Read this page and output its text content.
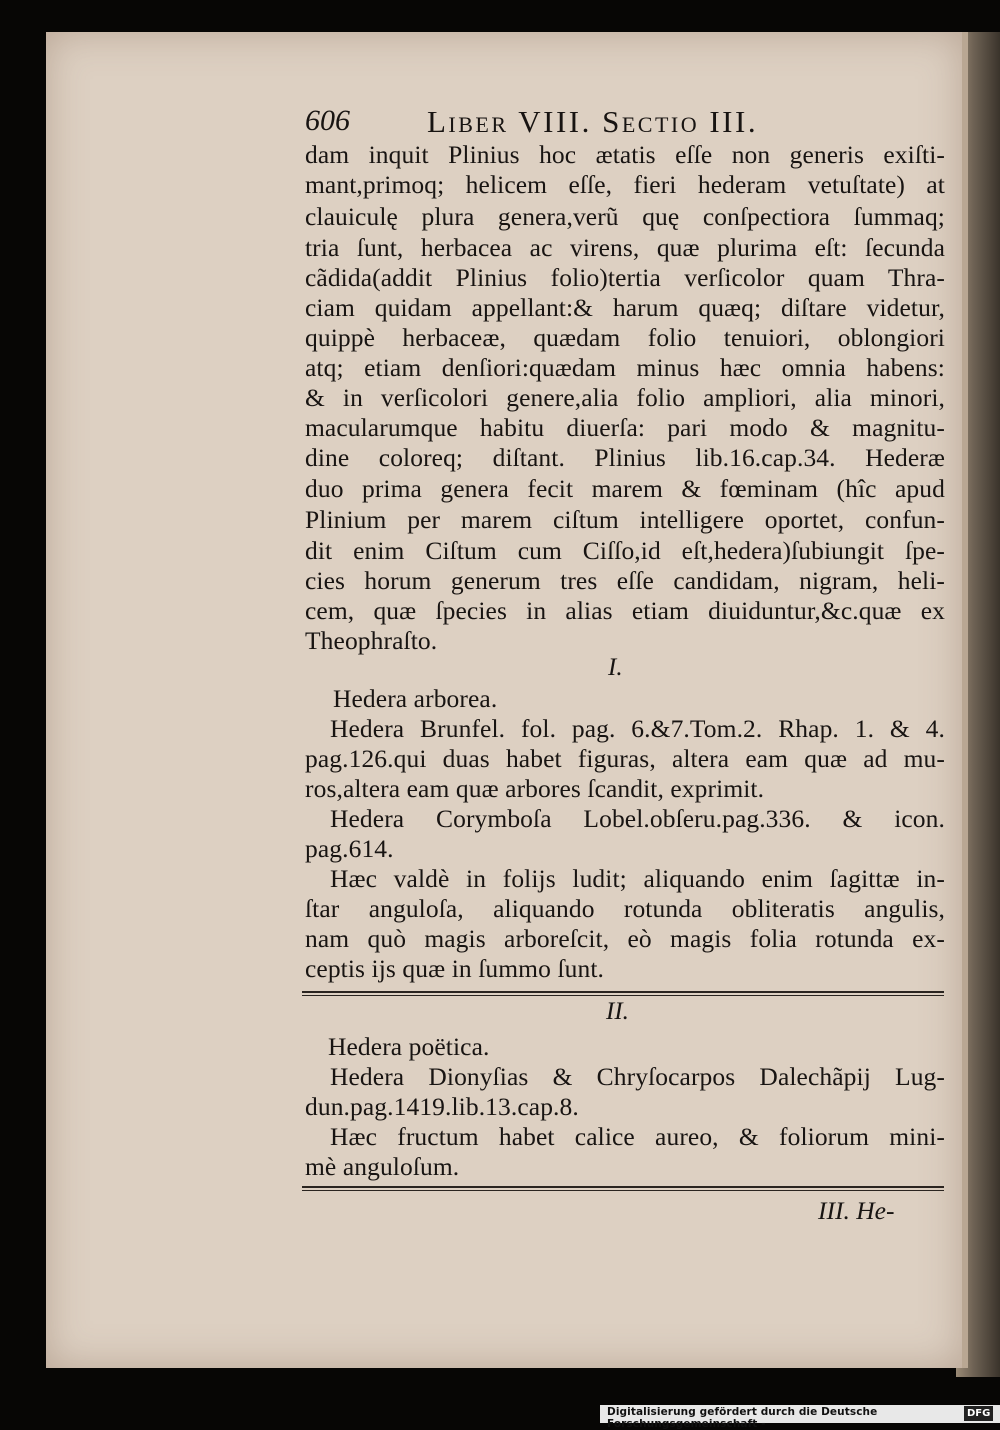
606 Liber VIII. Sectio III.
dam inquit Plinius hoc ætatis eſſe non generis exiſti-
mant,primoq; helicem eſſe, fieri hederam vetuſtate) at
clauiculę plura genera,verũ quę conſpectiora ſummaq;
tria ſunt, herbacea ac virens, quæ plurima eſt: ſecunda
cãdida(addit Plinius folio)tertia verſicolor quam Thra-
ciam quidam appellant:& harum quæq; diſtare videtur,
quippè herbaceæ, quædam folio tenuiori, oblongiori
atq; etiam denſiori:quædam minus hæc omnia habens:
& in verſicolori genere,alia folio ampliori, alia minori,
macularumque habitu diuerſa: pari modo & magnitu-
dine coloreq; diſtant. Plinius lib.16.cap.34. Hederæ
duo prima genera fecit marem & fœminam (hîc apud
Plinium per marem ciſtum intelligere oportet, confun-
dit enim Ciſtum cum Ciſſo,id eſt,hedera)ſubiungit ſpe-
cies horum generum tres eſſe candidam, nigram, heli-
cem, quæ ſpecies in alias etiam diuiduntur,&c.quæ ex
Theophraſto.
I.
Hedera arborea.
Hedera Brunfel. fol. pag. 6.&7.Tom.2. Rhap. 1. & 4.
pag.126.qui duas habet figuras, altera eam quæ ad mu-
ros,altera eam quæ arbores ſcandit, exprimit.
Hedera Corymboſa Lobel.obſeru.pag.336. & icon.
pag.614.
Hæc valdè in folijs ludit; aliquando enim ſagittæ in-
ſtar anguloſa, aliquando rotunda obliteratis angulis,
nam quò magis arboreſcit, eò magis folia rotunda ex-
ceptis ijs quæ in ſummo ſunt.
II.
Hedera poëtica.
Hedera Dionyſias & Chryſocarpos Dalechãpij Lug-
dun.pag.1419.lib.13.cap.8.
Hæc fructum habet calice aureo, & foliorum mini-
mè anguloſum.
III. He-
Digitalisierung gefördert durch die Deutsche Forschungsgemeinschaft -
DFG
